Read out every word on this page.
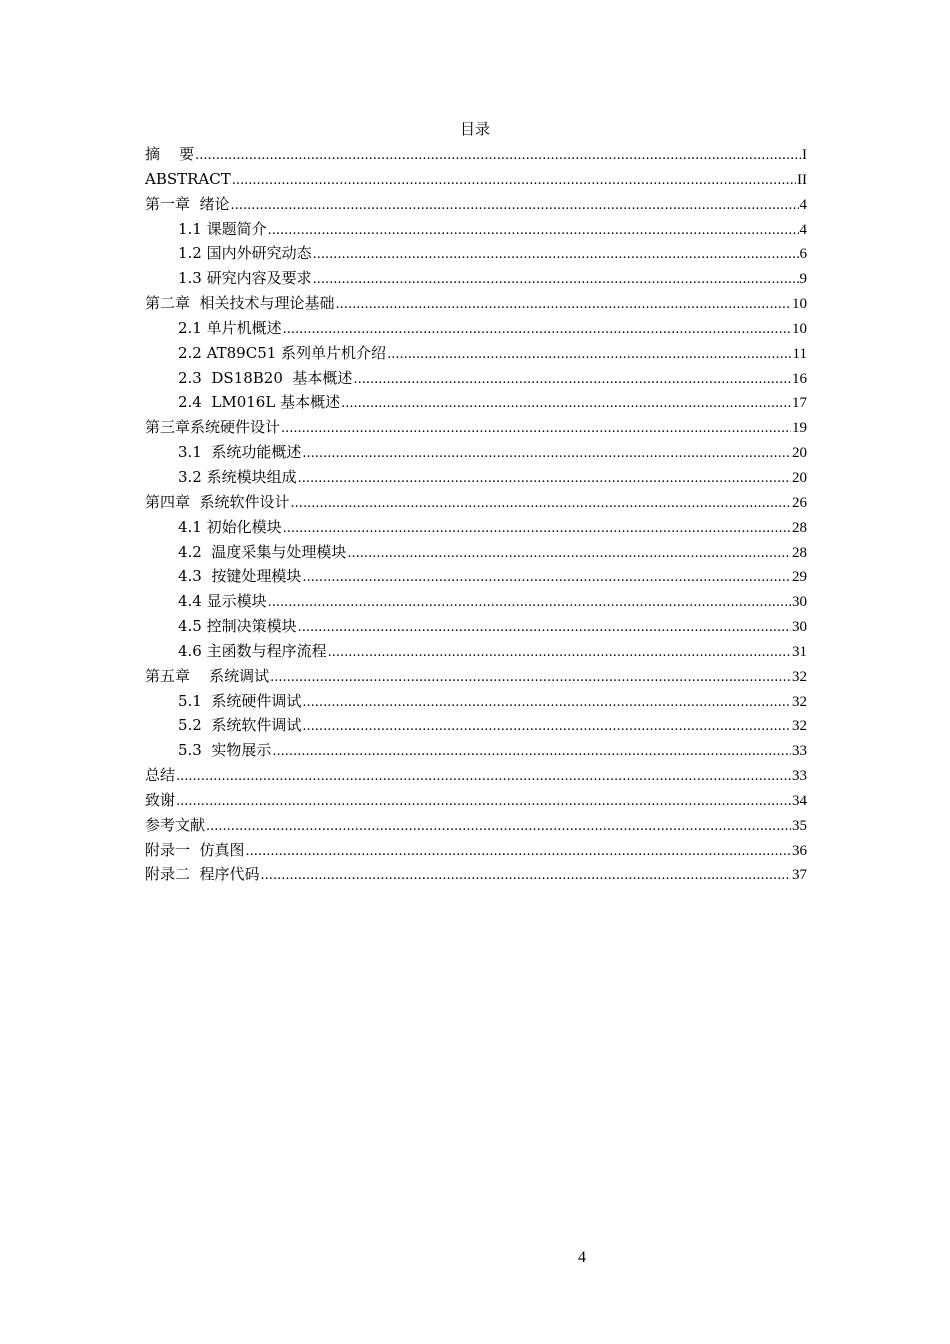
目录
摘    要 .....	I
ABSTRACT .....	II
第一章  绪论 .....	4
1.1 课题简介 .....	4
1.2 国内外研究动态 .....	6
1.3 研究内容及要求 .....	9
第二章  相关技术与理论基础 .....	10
2.1 单片机概述 .....	10
2.2 AT89C51 系列单片机介绍 .....	11
2.3  DS18B20  基本概述 .....	16
2.4  LM016L 基本概述 .....	17
第三章系统硬件设计 .....	19
3.1  系统功能概述 .....	20
3.2 系统模块组成 .....	20
第四章  系统软件设计 .....	26
4.1 初始化模块 .....	28
4.2  温度采集与处理模块 .....	28
4.3  按键处理模块 .....	29
4.4 显示模块 .....	30
4.5 控制决策模块 .....	30
4.6 主函数与程序流程 .....	31
第五章    系统调试 .....	32
5.1  系统硬件调试 .....	32
5.2  系统软件调试 .....	32
5.3  实物展示 .....	33
总结 .....	33
致谢 .....	34
参考文献 .....	35
附录一  仿真图 .....	36
附录二  程序代码 .....	37
4
